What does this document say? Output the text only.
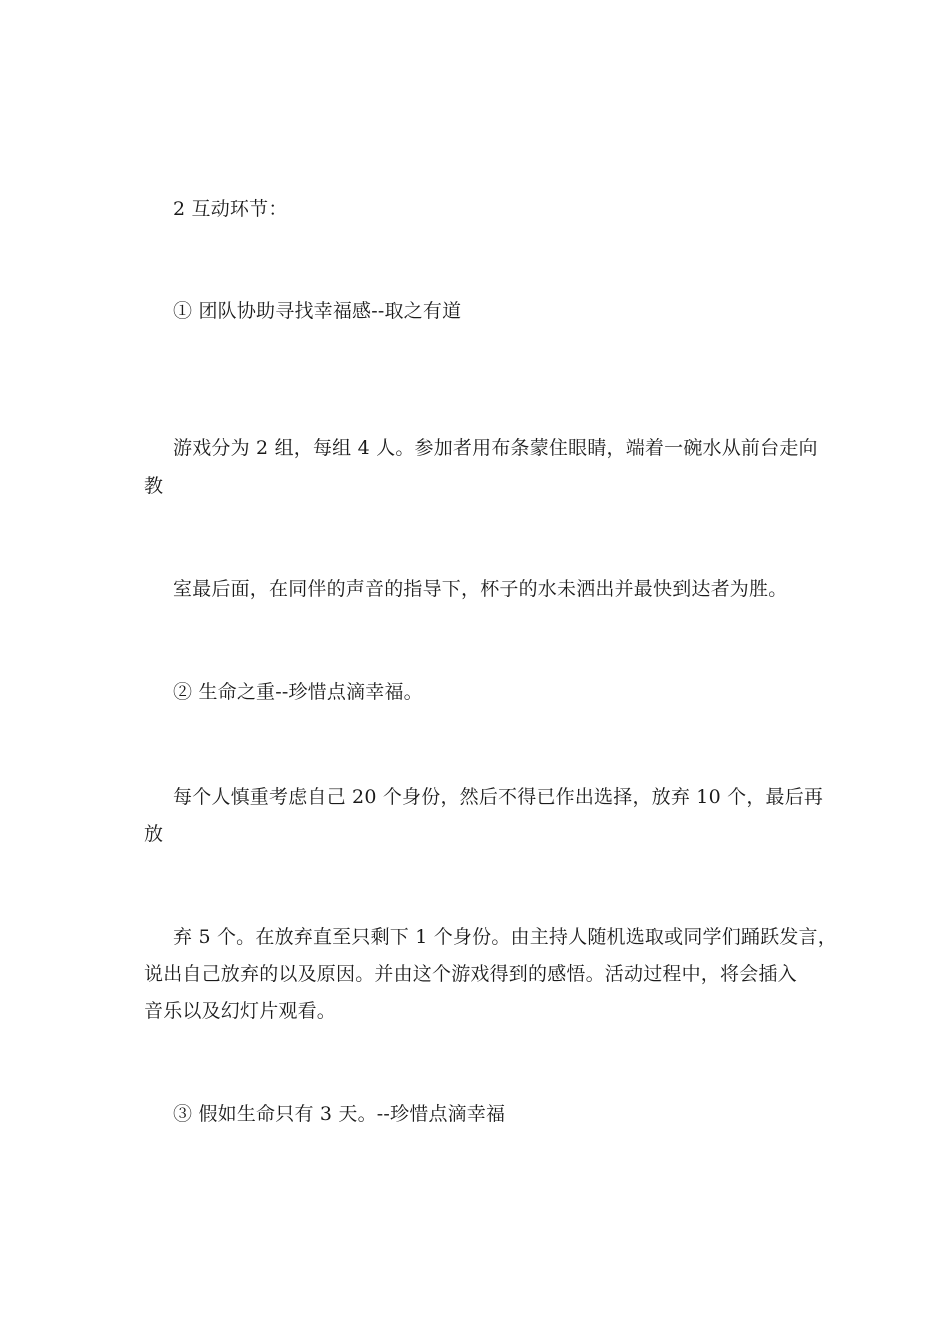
2 互动环节：
① 团队协助寻找幸福感--取之有道
游戏分为 2 组，每组 4 人。参加者用布条蒙住眼睛，端着一碗水从前台走向
教
室最后面，在同伴的声音的指导下，杯子的水未洒出并最快到达者为胜。
② 生命之重--珍惜点滴幸福。
每个人慎重考虑自己 20 个身份，然后不得已作出选择，放弃 10 个，最后再
放
弃 5 个。在放弃直至只剩下 1 个身份。由主持人随机选取或同学们踊跃发言，
说出自己放弃的以及原因。并由这个游戏得到的感悟。活动过程中，将会插入
音乐以及幻灯片观看。
③ 假如生命只有 3 天。--珍惜点滴幸福
